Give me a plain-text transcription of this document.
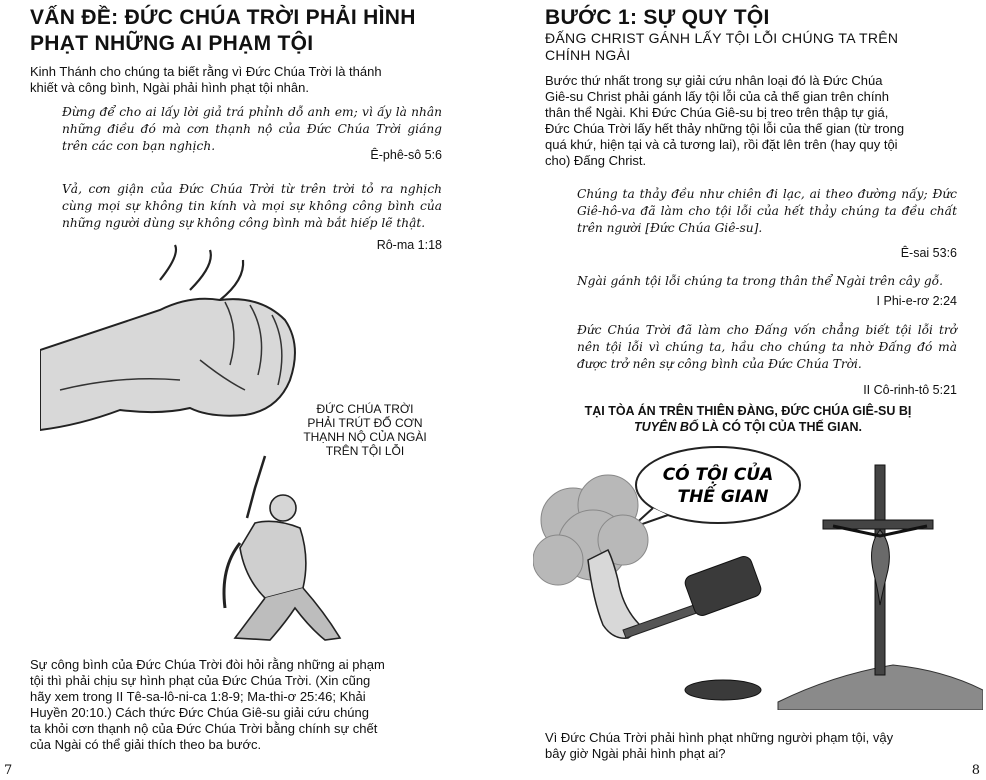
VẤN ĐỀ: ĐỨC CHÚA TRỜI PHẢI HÌNH
PHẠT NHỮNG AI PHẠM TỘI

Kinh Thánh cho chúng ta biết rằng vì Đức Chúa Trời là thánh

khiết và công bình, Ngài phải hình phạt tội nhân.

Đừng để cho ai lấy lời giả trá phỉnh dỗ anh em; vì ấy là nhân những điều đó mà cơn thạnh nộ của Đức Chúa Trời giáng trên các con bạn nghịch.
Ê-phê-sô 5:6
Vả, cơn giận của Đức Chúa Trời từ trên trời tỏ ra nghịch cùng mọi sự không tin kính và mọi sự không công bình của những người dùng sự không công bình mà bắt hiếp lẽ thật.
Rô-ma 1:18
ĐỨC CHÚA TRỜI
PHẢI TRÚT ĐỔ CƠN
THẠNH NỘ CỦA NGÀI
TRÊN TỘI LỖI

Sự công bình của Đức Chúa Trời đòi hỏi rằng những ai phạm

tội thì phải chịu sự hình phạt của Đức Chúa Trời. (Xin cũng

hãy xem trong II Tê-sa-lô-ni-ca 1:8-9; Ma-thi-ơ 25:46; Khải

Huyền 20:10.) Cách thức Đức Chúa Giê-su giải cứu chúng

ta khỏi cơn thạnh nộ của Đức Chúa Trời bằng chính sự chết

của Ngài có thể giải thích theo ba bước.

7
BƯỚC 1: SỰ QUY TỘI

ĐẤNG CHRIST GÁNH LẤY TỘI LỖI CHÚNG TA TRÊN

CHÍNH NGÀI

Bước thứ nhất trong sự giải cứu nhân loại đó là Đức Chúa

Giê-su Christ phải gánh lấy tội lỗi của cả thế gian trên chính

thân thể Ngài. Khi Đức Chúa Giê-su bị treo trên thập tự giá,

Đức Chúa Trời lấy hết thảy những tội lỗi của thế gian (từ trong

quá khứ, hiện tại và cả tương lai), rồi đặt lên trên (hay quy tội

cho) Đấng Christ.

Chúng ta thảy đều như chiên đi lạc, ai theo đường nấy; Đức Giê-hô-va đã làm cho tội lỗi của hết thảy chúng ta đều chất trên người [Đức Chúa Giê-su].
Ê-sai 53:6
Ngài gánh tội lỗi chúng ta trong thân thể Ngài trên cây gỗ.
I Phi-e-rơ 2:24
Đức Chúa Trời đã làm cho Đấng vốn chẳng biết tội lỗi trở nên tội lỗi vì chúng ta, hầu cho chúng ta nhờ Đấng đó mà được trở nên sự công bình của Đức Chúa Trời.
II Cô-rinh-tô 5:21
TẠI TÒA ÁN TRÊN THIÊN ĐÀNG, ĐỨC CHÚA GIÊ-SU BỊ
TUYÊN BỐ LÀ CÓ TỘI CỦA THẾ GIAN.
CÓ TỘI CỦA
THẾ GIAN

Vì Đức Chúa Trời phải hình phạt những người phạm tội, vậy

bây giờ Ngài phải hình phạt ai?

8
